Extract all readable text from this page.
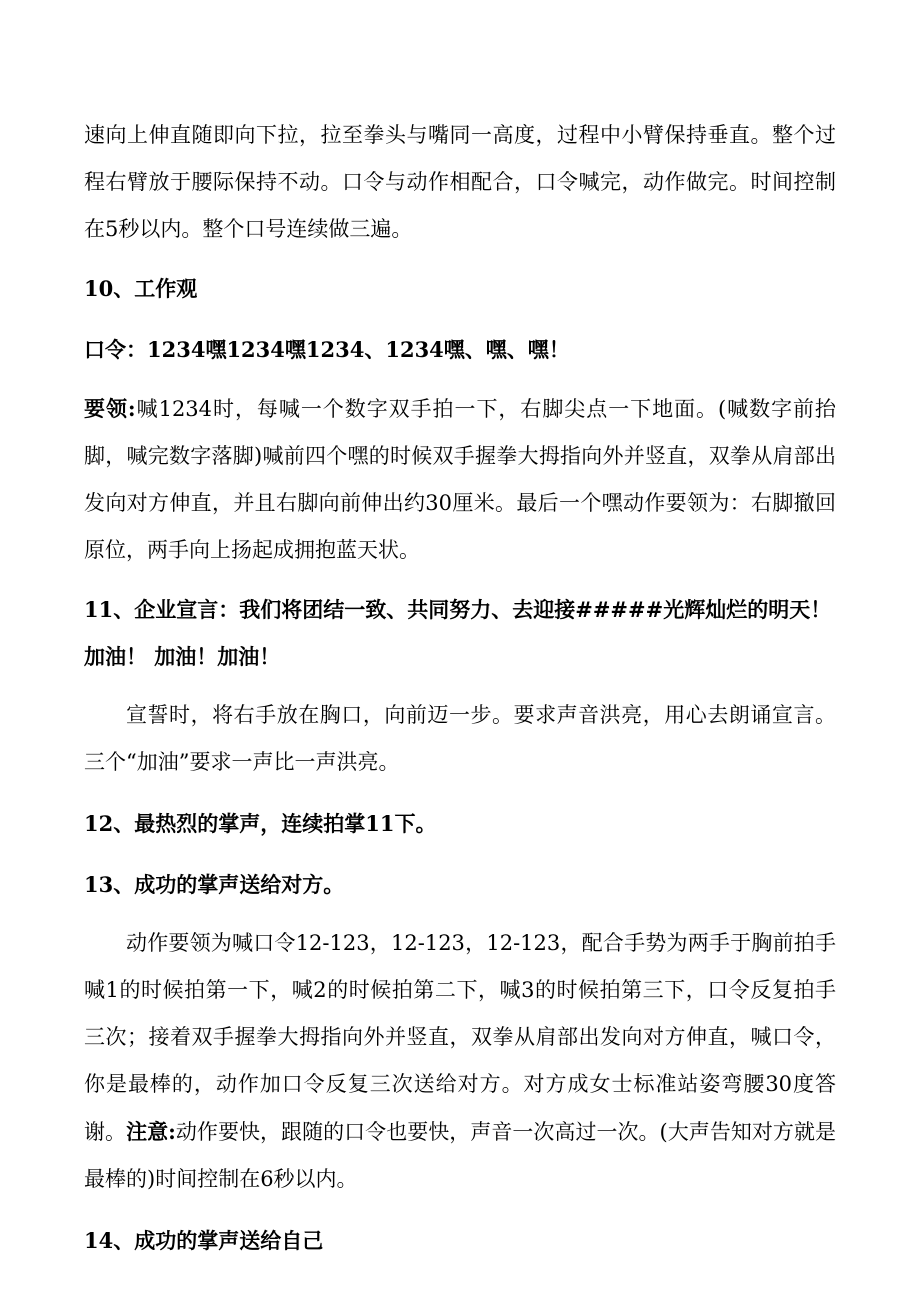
速向上伸直随即向下拉，拉至拳头与嘴同一高度，过程中小臂保持垂直。整个过程右臂放于腰际保持不动。口令与动作相配合，口令喊完，动作做完。时间控制在5秒以内。整个口号连续做三遍。

10、工作观

口令：1234嘿1234嘿1234、1234嘿、嘿、嘿！

要领:喊1234时，每喊一个数字双手拍一下，右脚尖点一下地面。(喊数字前抬脚，喊完数字落脚)喊前四个嘿的时候双手握拳大拇指向外并竖直，双拳从肩部出发向对方伸直，并且右脚向前伸出约30厘米。最后一个嘿动作要领为：右脚撤回原位，两手向上扬起成拥抱蓝天状。

11、企业宣言：我们将团结一致、共同努力、去迎接#####光辉灿烂的明天！加油！ 加油！加油！

宣誓时，将右手放在胸口，向前迈一步。要求声音洪亮，用心去朗诵宣言。三个“加油”要求一声比一声洪亮。

12、最热烈的掌声，连续拍掌11下。

13、成功的掌声送给对方。

动作要领为喊口令12-123，12-123，12-123，配合手势为两手于胸前拍手喊1的时候拍第一下，喊2的时候拍第二下，喊3的时候拍第三下，口令反复拍手三次；接着双手握拳大拇指向外并竖直，双拳从肩部出发向对方伸直，喊口令，你是最棒的，动作加口令反复三次送给对方。对方成女士标准站姿弯腰30度答谢。注意:动作要快，跟随的口令也要快，声音一次高过一次。(大声告知对方就是最棒的)时间控制在6秒以内。

14、成功的掌声送给自己
